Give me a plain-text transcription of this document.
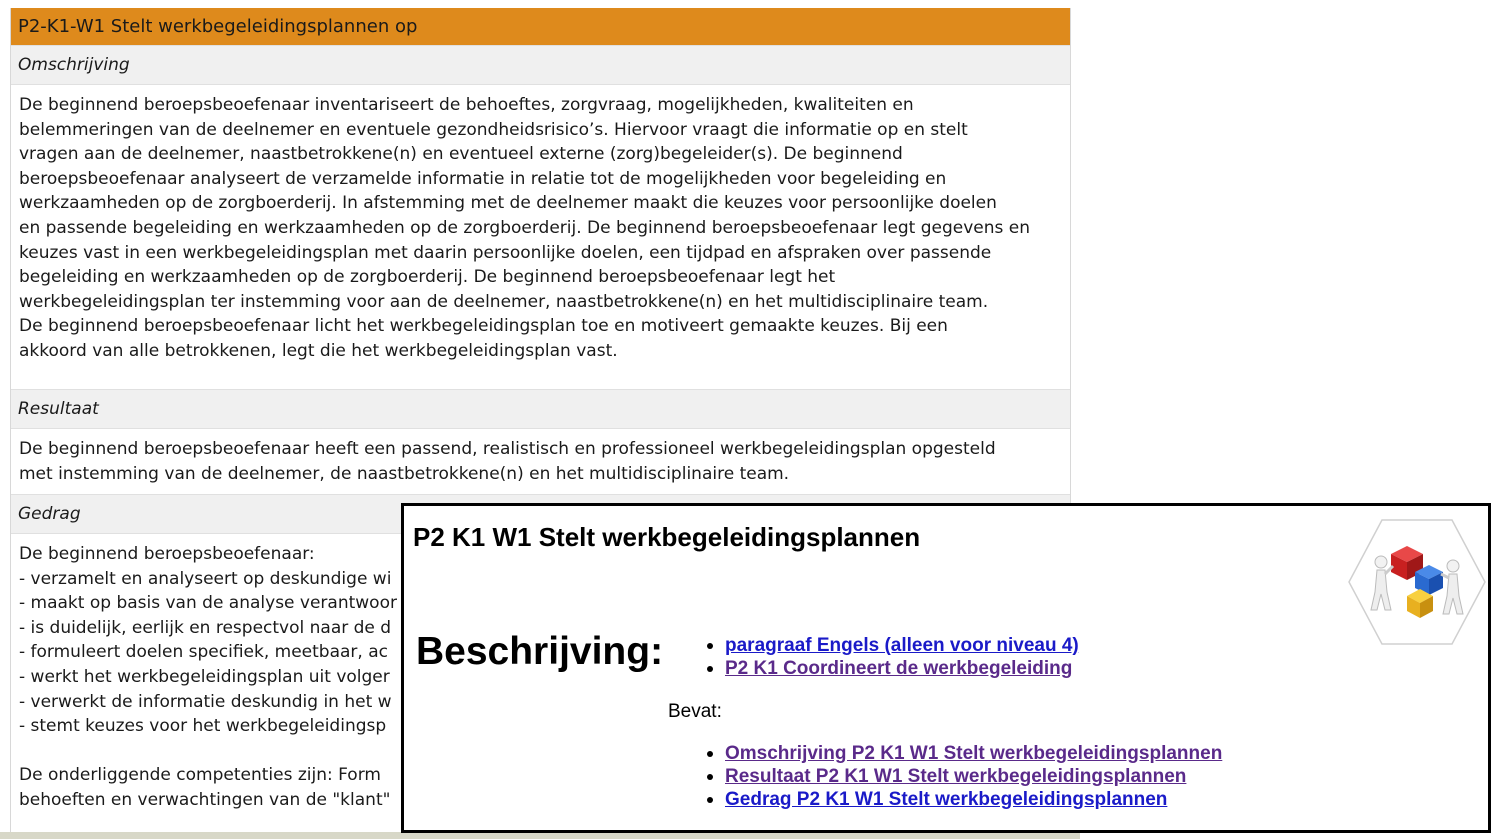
P2-K1-W1 Stelt werkbegeleidingsplannen op
Omschrijving
De beginnend beroepsbeoefenaar inventariseert de behoeftes, zorgvraag, mogelijkheden, kwaliteiten en
belemmeringen van de deelnemer en eventuele gezondheidsrisico’s. Hiervoor vraagt die informatie op en stelt
vragen aan de deelnemer, naastbetrokkene(n) en eventueel externe (zorg)begeleider(s). De beginnend
beroepsbeoefenaar analyseert de verzamelde informatie in relatie tot de mogelijkheden voor begeleiding en
werkzaamheden op de zorgboerderij. In afstemming met de deelnemer maakt die keuzes voor persoonlijke doelen
en passende begeleiding en werkzaamheden op de zorgboerderij. De beginnend beroepsbeoefenaar legt gegevens en
keuzes vast in een werkbegeleidingsplan met daarin persoonlijke doelen, een tijdpad en afspraken over passende
begeleiding en werkzaamheden op de zorgboerderij. De beginnend beroepsbeoefenaar legt het
werkbegeleidingsplan ter instemming voor aan de deelnemer, naastbetrokkene(n) en het multidisciplinaire team.
De beginnend beroepsbeoefenaar licht het werkbegeleidingsplan toe en motiveert gemaakte keuzes. Bij een
akkoord van alle betrokkenen, legt die het werkbegeleidingsplan vast.
Resultaat
De beginnend beroepsbeoefenaar heeft een passend, realistisch en professioneel werkbegeleidingsplan opgesteld
met instemming van de deelnemer, de naastbetrokkene(n) en het multidisciplinaire team.
Gedrag
De beginnend beroepsbeoefenaar:
- verzamelt en analyseert op deskundige wi
- maakt op basis van de analyse verantwoor
- is duidelijk, eerlijk en respectvol naar de d
- formuleert doelen specifiek, meetbaar, ac
- werkt het werkbegeleidingsplan uit volger
- verwerkt de informatie deskundig in het w
- stemt keuzes voor het werkbegeleidingsp
De onderliggende competenties zijn: Form
behoeften en verwachtingen van de "klant"
P2 K1 W1 Stelt werkbegeleidingsplannen
Beschrijving:	paragraaf Engels (alleen voor niveau 4)
P2 K1 Coordineert de werkbegeleiding
Bevat:
Omschrijving P2 K1 W1 Stelt werkbegeleidingsplannen
Resultaat P2 K1 W1 Stelt werkbegeleidingsplannen
Gedrag P2 K1 W1 Stelt werkbegeleidingsplannen
